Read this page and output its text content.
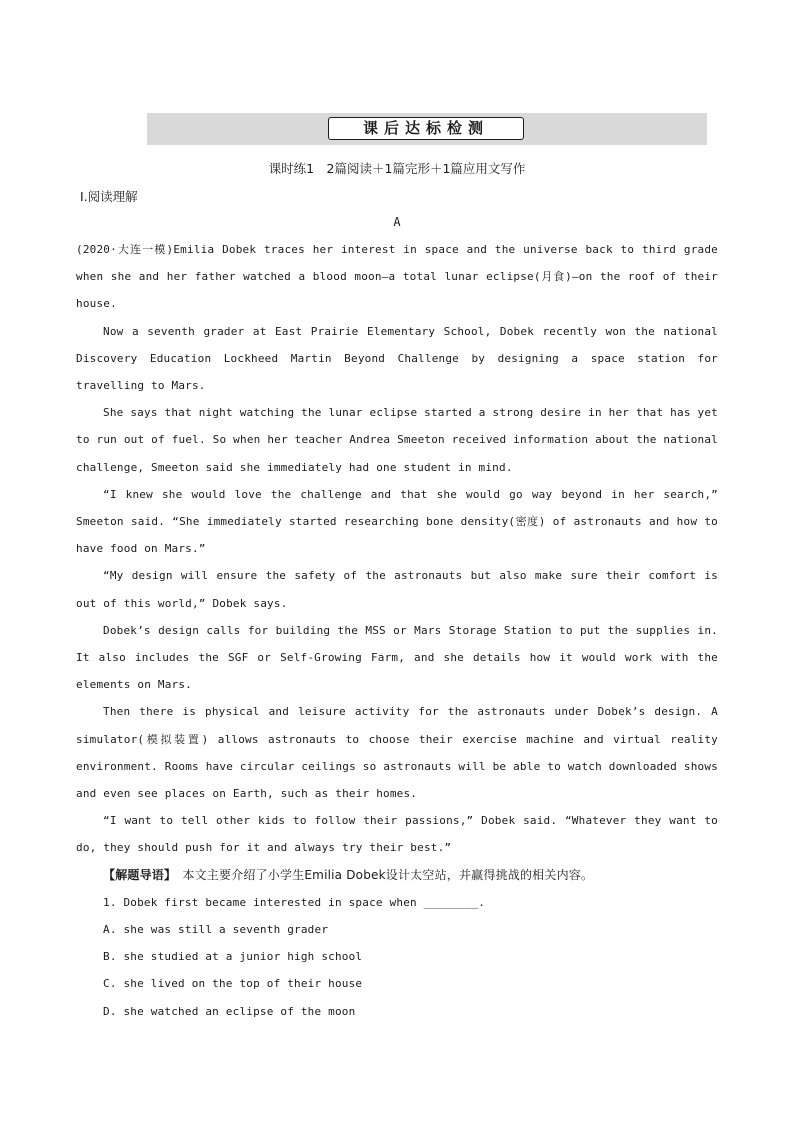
课后达标检测
课时练1　2篇阅读＋1篇完形＋1篇应用文写作
Ⅰ.阅读理解
A

(2020·大连一模)Emilia Dobek traces her interest in space and the universe back to third grade when she and her father watched a blood moon—a total lunar eclipse(月食)—on the roof of their house.

Now a seventh grader at East Prairie Elementary School, Dobek recently won the national Discovery Education Lockheed Martin Beyond Challenge by designing a space station for travelling to Mars.

She says that night watching the lunar eclipse started a strong desire in her that has yet to run out of fuel. So when her teacher Andrea Smeeton received information about the national challenge, Smeeton said she immediately had one student in mind.

“I knew she would love the challenge and that she would go way beyond in her search,” Smeeton said. “She immediately started researching bone density(密度) of astronauts and how to have food on Mars.”

“My design will ensure the safety of the astronauts but also make sure their comfort is out of this world,” Dobek says.

Dobek’s design calls for building the MSS or Mars Storage Station to put the supplies in. It also includes the SGF or Self-Growing Farm, and she details how it would work with the elements on Mars.

Then there is physical and leisure activity for the astronauts under Dobek’s design. A simulator(模拟装置) allows astronauts to choose their exercise machine and virtual reality environment. Rooms have circular ceilings so astronauts will be able to watch downloaded shows and even see places on Earth, such as their homes.

“I want to tell other kids to follow their passions,” Dobek said. “Whatever they want to do, they should push for it and always try their best.”

【解题导语】　本文主要介绍了小学生Emilia Dobek设计太空站，并赢得挑战的相关内容。

1. Dobek first became interested in space when ________.

A. she was still a seventh grader

B. she studied at a junior high school

C. she lived on the top of their house

D. she watched an eclipse of the moon
